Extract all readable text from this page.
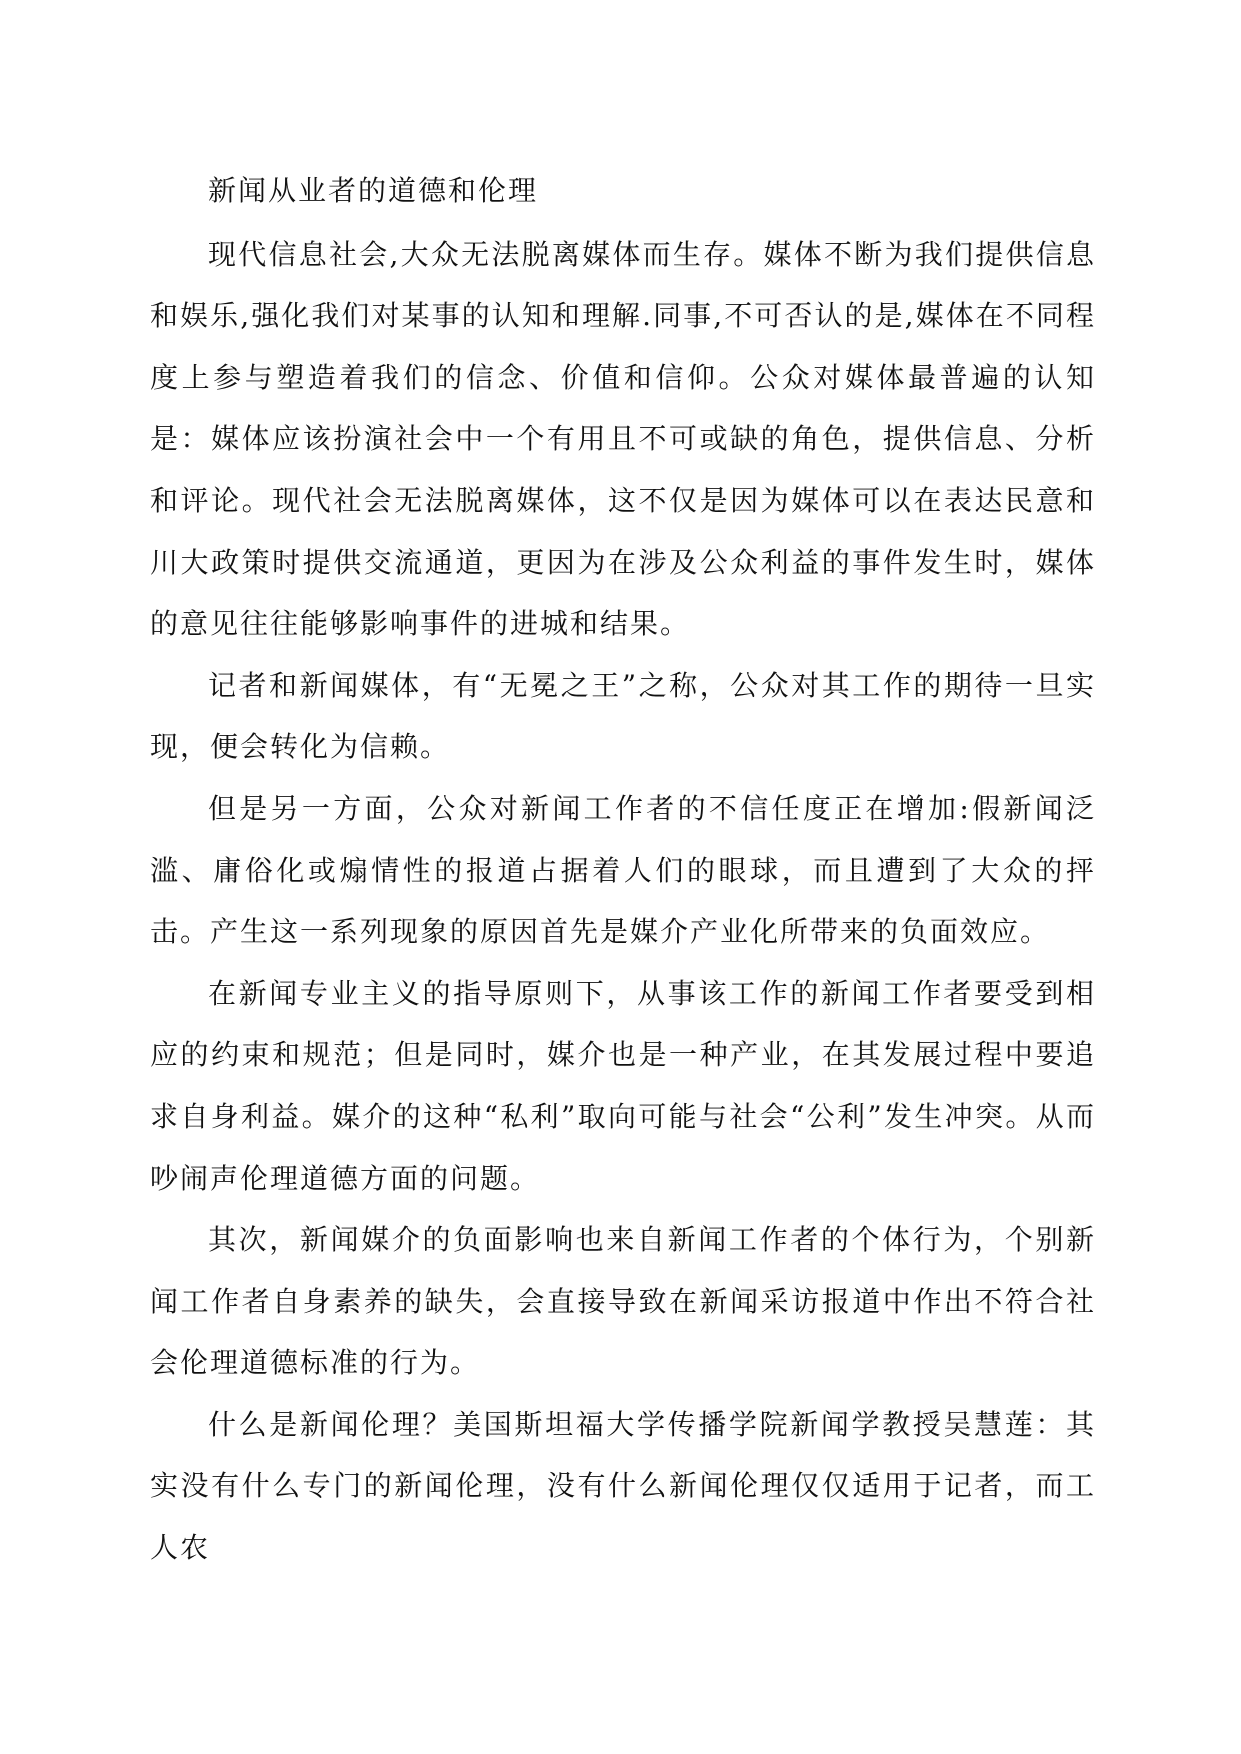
新闻从业者的道德和伦理

现代信息社会,大众无法脱离媒体而生存。媒体不断为我们提供信息和娱乐,强化我们对某事的认知和理解.同事,不可否认的是,媒体在不同程度上参与塑造着我们的信念、价值和信仰。公众对媒体最普遍的认知是：媒体应该扮演社会中一个有用且不可或缺的角色，提供信息、分析和评论。现代社会无法脱离媒体，这不仅是因为媒体可以在表达民意和川大政策时提供交流通道，更因为在涉及公众利益的事件发生时，媒体的意见往往能够影响事件的进城和结果。

记者和新闻媒体，有“无冕之王”之称，公众对其工作的期待一旦实现，便会转化为信赖。

但是另一方面，公众对新闻工作者的不信任度正在增加:假新闻泛滥、庸俗化或煽情性的报道占据着人们的眼球，而且遭到了大众的抨击。产生这一系列现象的原因首先是媒介产业化所带来的负面效应。

在新闻专业主义的指导原则下，从事该工作的新闻工作者要受到相应的约束和规范；但是同时，媒介也是一种产业，在其发展过程中要追求自身利益。媒介的这种“私利”取向可能与社会“公利”发生冲突。从而吵闹声伦理道德方面的问题。

其次，新闻媒介的负面影响也来自新闻工作者的个体行为，个别新闻工作者自身素养的缺失，会直接导致在新闻采访报道中作出不符合社会伦理道德标准的行为。

什么是新闻伦理？美国斯坦福大学传播学院新闻学教授吴慧莲：其实没有什么专门的新闻伦理，没有什么新闻伦理仅仅适用于记者，而工人农
